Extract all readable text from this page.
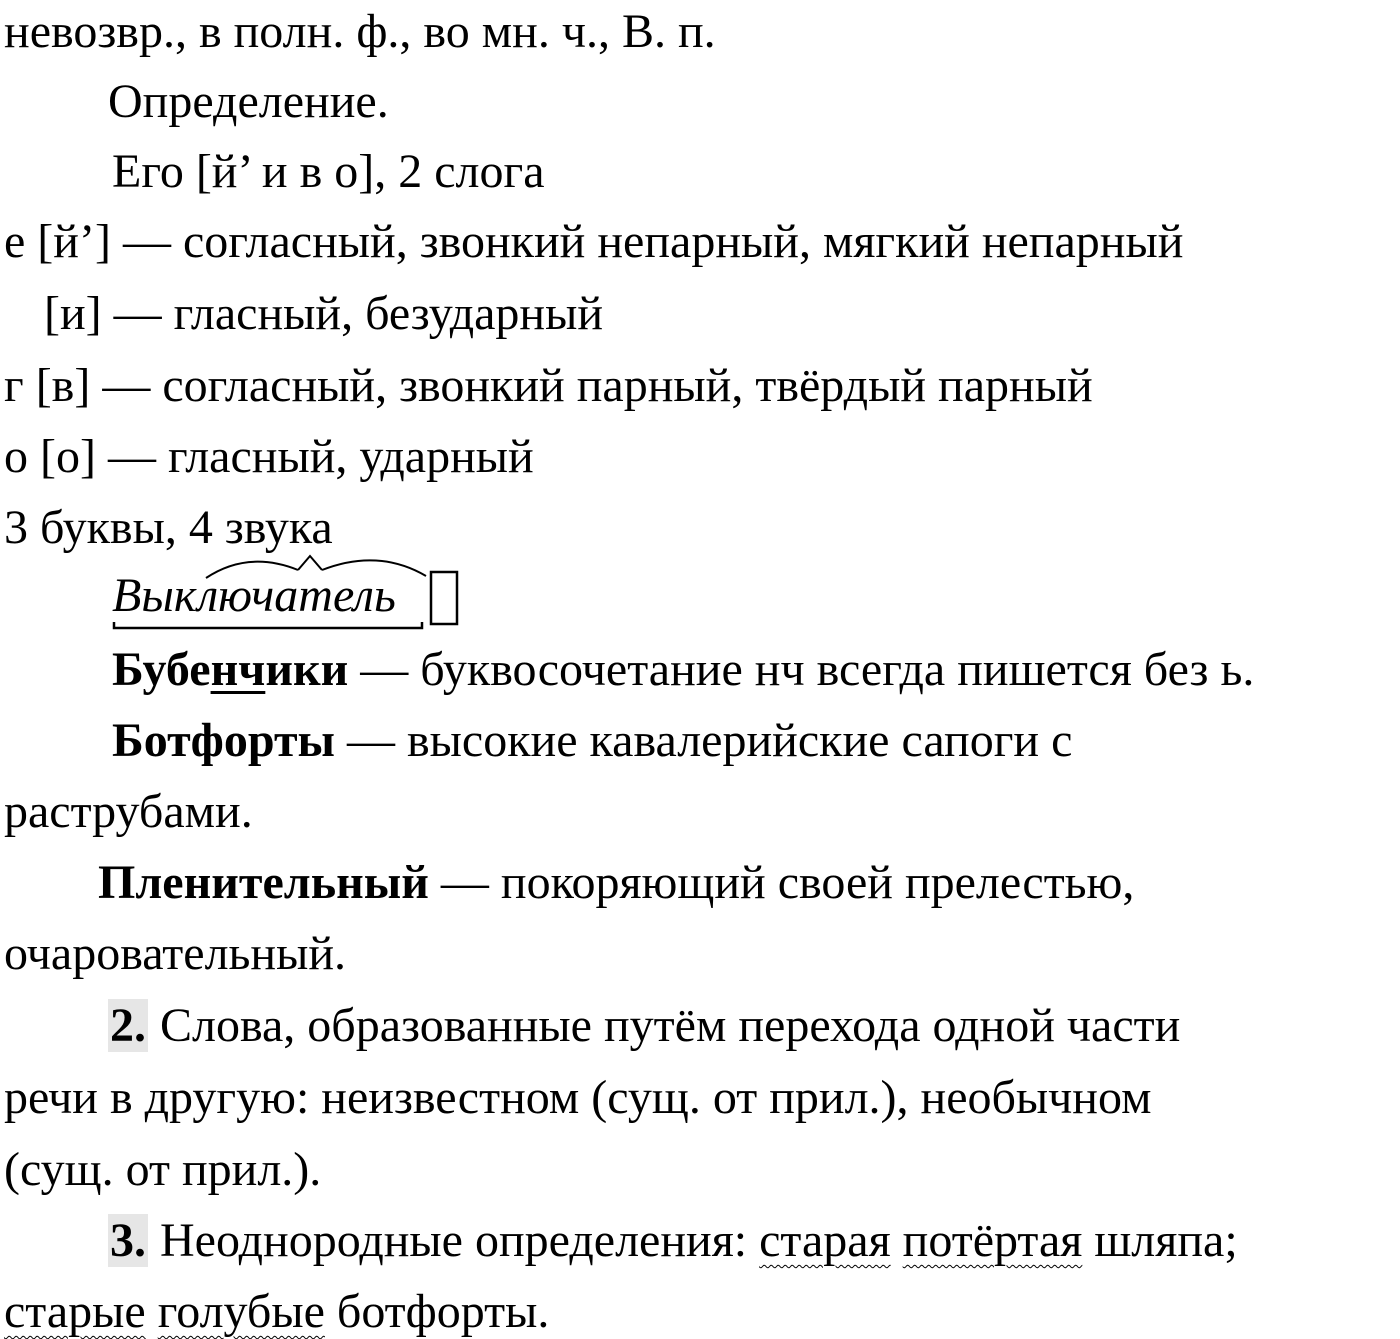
невозвр., в полн. ф., во мн. ч., В. п.
Определение.
Его [й’ и в о], 2 слога
е [й’] — согласный, звонкий непарный, мягкий непарный
[и] — гласный, безударный
г [в] — согласный, звонкий парный, твёрдый парный
о [о] — гласный, ударный
3 буквы, 4 звука
Выключатель
Бубенчики — буквосочетание нч всегда пишется без ь.
Ботфорты — высокие кавалерийские сапоги с
раструбами.
Пленительный — покоряющий своей прелестью,
очаровательный.
2. Слова, образованные путём перехода одной части
речи в другую: неизвестном (сущ. от прил.), необычном
(сущ. от прил.).
3. Неоднородные определения: старая потёртая шляпа;
старые голубые ботфорты.
